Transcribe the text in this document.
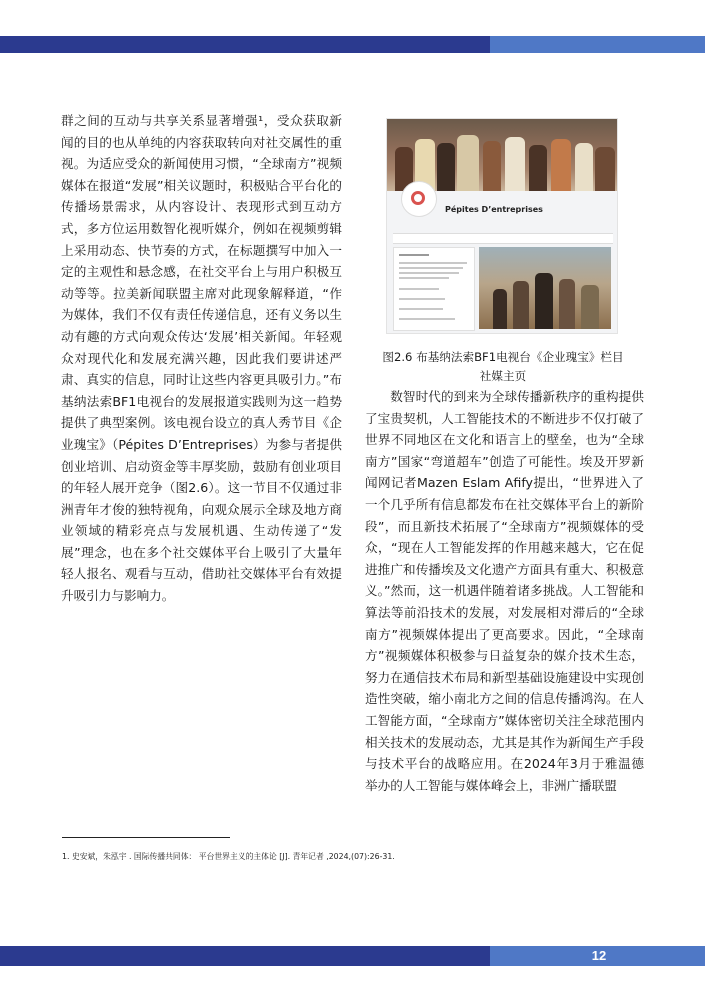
群之间的互动与共享关系显著增强¹，受众获取新闻的目的也从单纯的内容获取转向对社交属性的重视。为适应受众的新闻使用习惯，“全球南方”视频媒体在报道“发展”相关议题时，积极贴合平台化的传播场景需求，从内容设计、表现形式到互动方式，多方位运用数智化视听媒介，例如在视频剪辑上采用动态、快节奏的方式，在标题撰写中加入一定的主观性和悬念感，在社交平台上与用户积极互动等等。拉美新闻联盟主席对此现象解释道，“作为媒体，我们不仅有责任传递信息，还有义务以生动有趣的方式向观众传达‘发展’相关新闻。年轻观众对现代化和发展充满兴趣，因此我们要讲述严肃、真实的信息，同时让这些内容更具吸引力。”布基纳法索BF1电视台的发展报道实践则为这一趋势提供了典型案例。该电视台设立的真人秀节目《企业瑰宝》（Pépites D’Entreprises）为参与者提供创业培训、启动资金等丰厚奖励，鼓励有创业项目的年轻人展开竞争（图2.6）。这一节目不仅通过非洲青年才俊的独特视角，向观众展示全球及地方商业领域的精彩亮点与发展机遇、生动传递了“发展”理念，也在多个社交媒体平台上吸引了大量年轻人报名、观看与互动，借助社交媒体平台有效提升吸引力与影响力。

Pépites D’entreprises

图2.6 布基纳法索BF1电视台《企业瑰宝》栏目

社媒主页

数智时代的到来为全球传播新秩序的重构提供了宝贵契机，人工智能技术的不断进步不仅打破了世界不同地区在文化和语言上的壁垒，也为“全球南方”国家“弯道超车”创造了可能性。埃及开罗新闻网记者Mazen Eslam Afify提出，“世界进入了一个几乎所有信息都发布在社交媒体平台上的新阶段”，而且新技术拓展了“全球南方”视频媒体的受众，“现在人工智能发挥的作用越来越大，它在促进推广和传播埃及文化遗产方面具有重大、积极意义。”然而，这一机遇伴随着诸多挑战。人工智能和算法等前沿技术的发展，对发展相对滞后的“全球南方”视频媒体提出了更高要求。因此，“全球南方”视频媒体积极参与日益复杂的媒介技术生态，努力在通信技术布局和新型基础设施建设中实现创造性突破，缩小南北方之间的信息传播鸿沟。在人工智能方面，“全球南方”媒体密切关注全球范围内相关技术的发展动态，尤其是其作为新闻生产手段与技术平台的战略应用。在2024年3月于雅温德举办的人工智能与媒体峰会上，非洲广播联盟

1. 史安斌，朱泓宇 . 国际传播共同体： 平台世界主义的主体论 [J]. 青年记者 ,2024,(07):26-31.
12
